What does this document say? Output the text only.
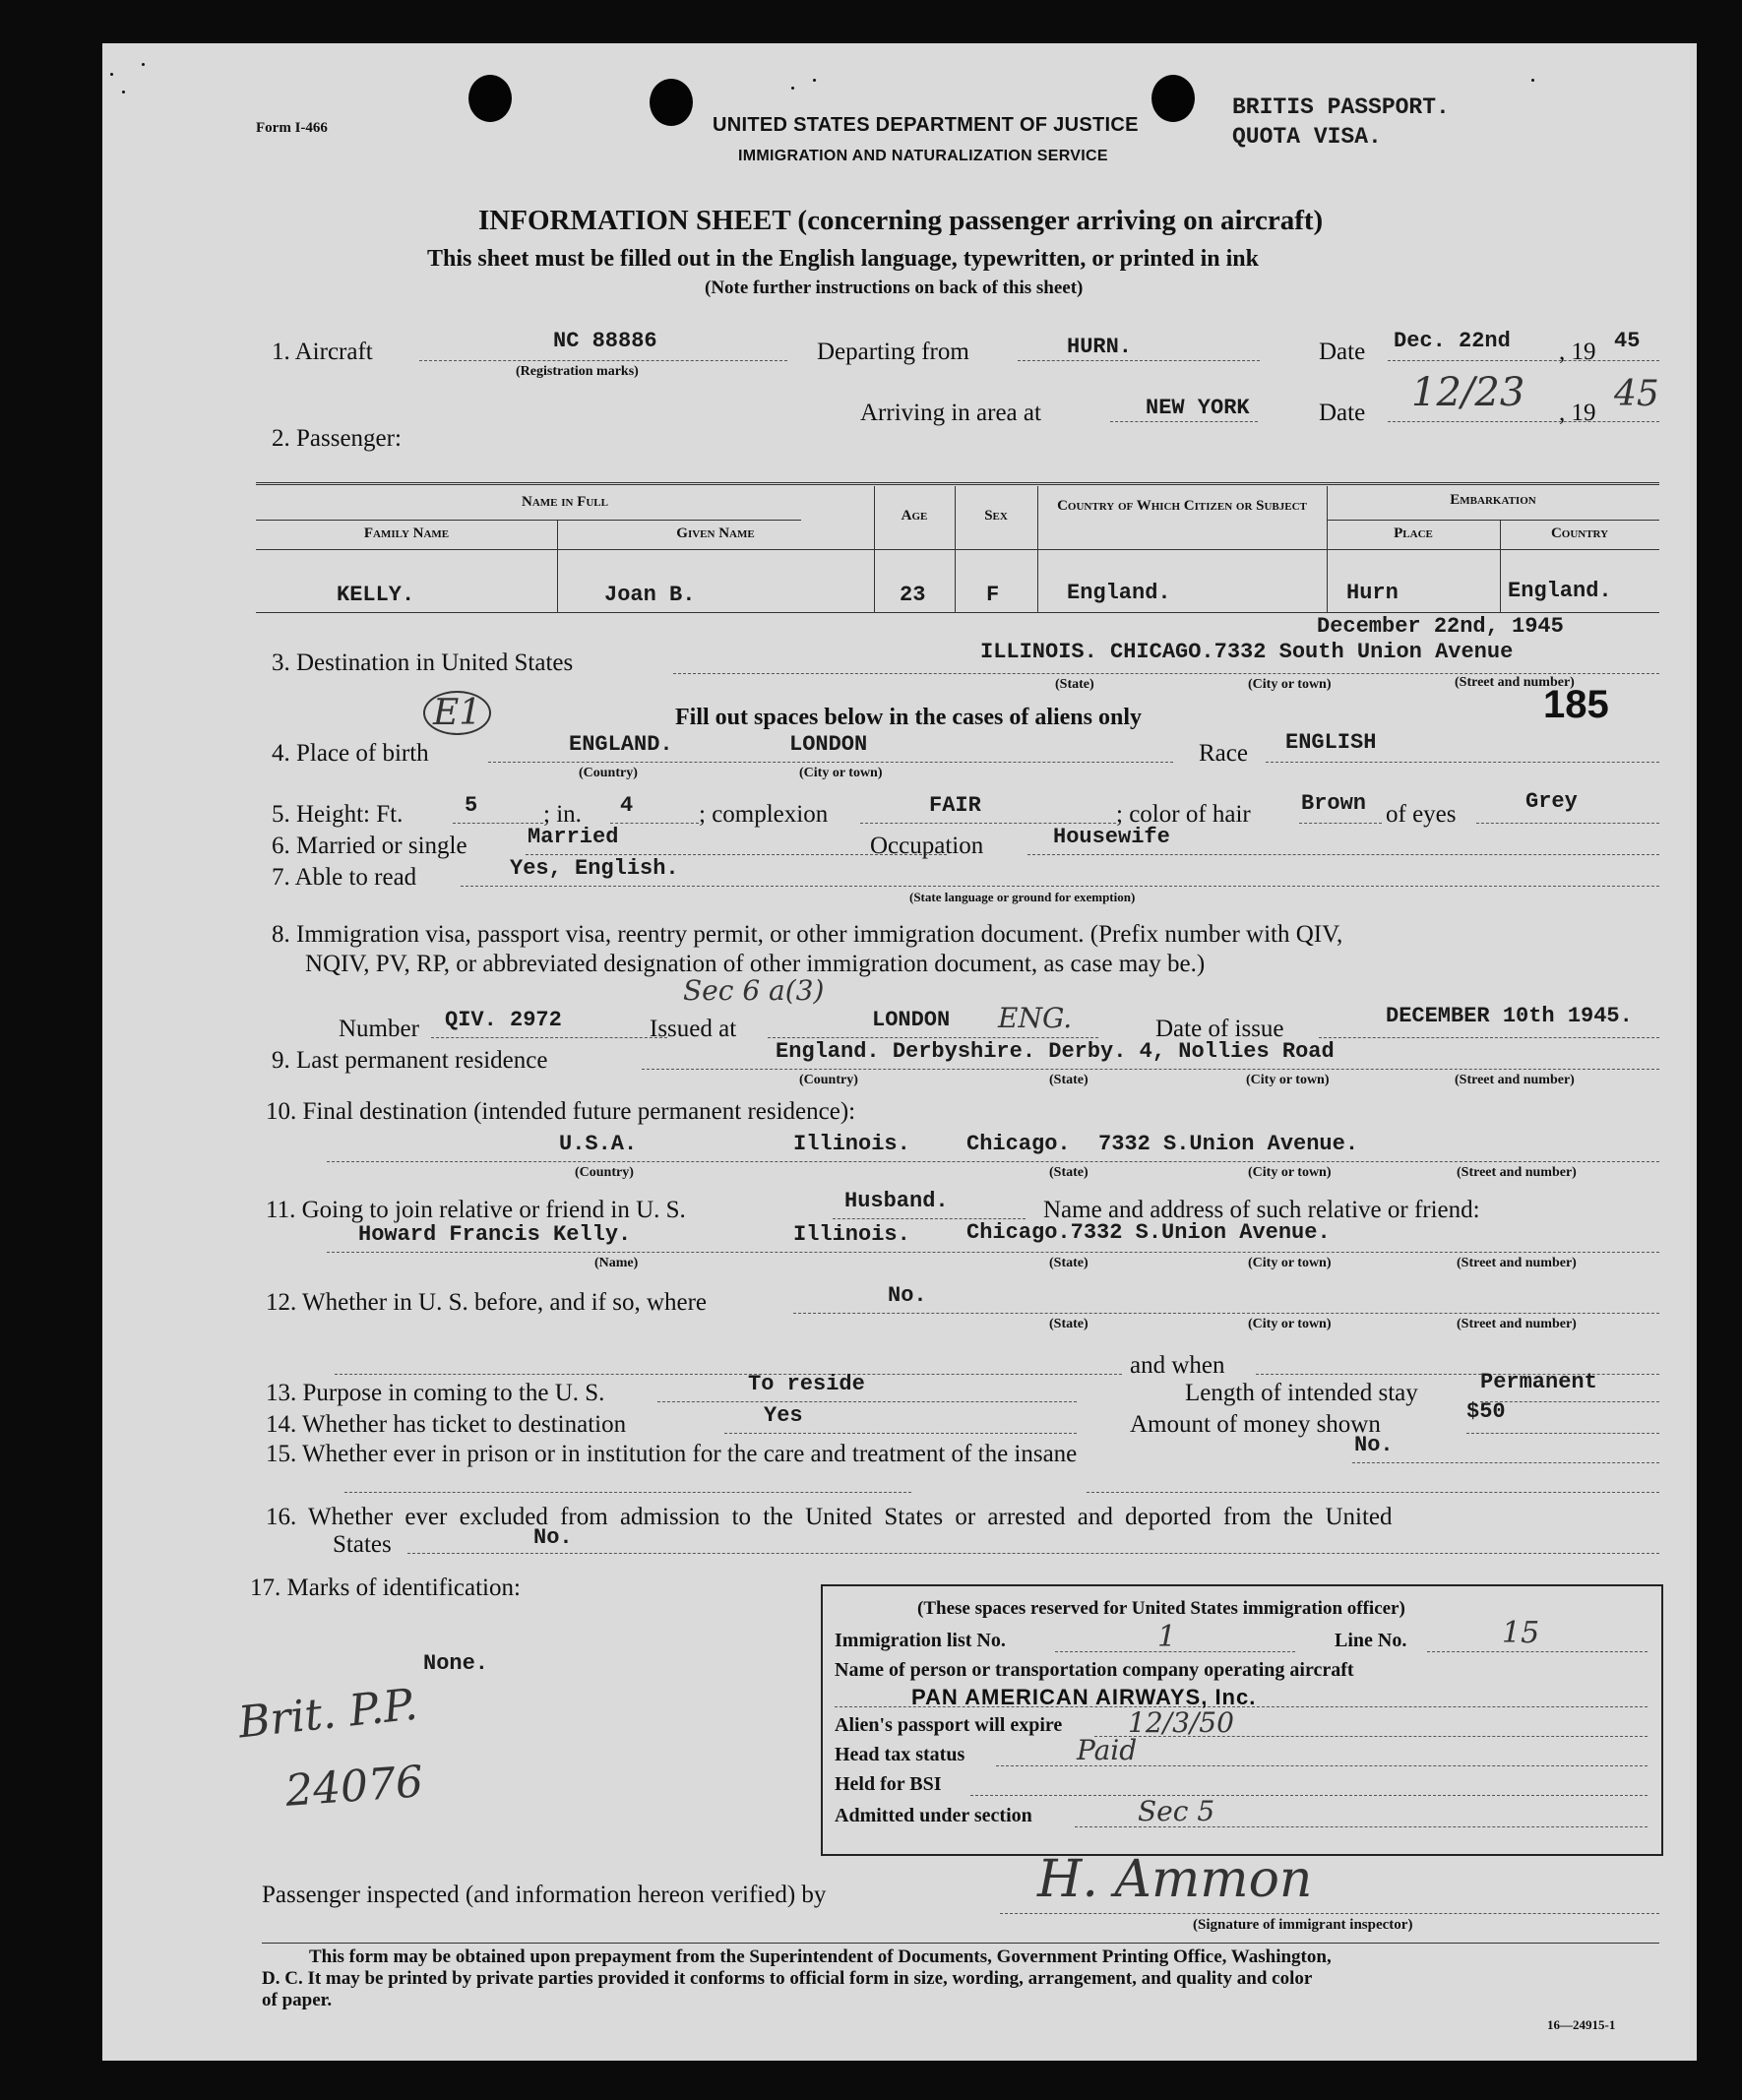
Form I-466	UNITED STATES DEPARTMENT OF JUSTICE
IMMIGRATION AND NATURALIZATION SERVICE
BRITIS PASSPORT.
QUOTA VISA.
INFORMATION SHEET (concerning passenger arriving on aircraft)
This sheet must be filled out in the English language, typewritten, or printed in ink
(Note further instructions on back of this sheet)
1. Aircraft	NC 88886
(Registration marks)
Departing from	HURN.	Date Dec. 22nd , 19 45
Arriving in area at	NEW YORK	Date 12/23 , 19 45
2. Passenger:
Name in Full
Family Name	Given Name
Age	Sex
Country of Which Citizen or Subject	Embarkation
Place	Country
KELLY.	Joan B.	23	F	England.	Hurn	England.
December 22nd, 1945
3. Destination in United States	ILLINOIS. CHICAGO.7332 South Union Avenue
(State)	(City or town)	(Street and number)
185
Fill out spaces below in the cases of aliens only
E1
4. Place of birth	ENGLAND.	LONDON
(Country)	(City or town)
Race ENGLISH
5. Height: Ft.	5	; in. 4	; complexion	FAIR	; color of hair Brown of eyes	Grey
6. Married or single	Married	Occupation	Housewife
7. Able to read	Yes, English.
(State language or ground for exemption)
8. Immigration visa, passport visa, reentry permit, or other immigration document. (Prefix number with QIV,
NQIV, PV, RP, or abbreviated designation of other immigration document, as case may be.)
Sec 6 a(3)
Number QIV. 2972	Issued at	LONDON ENG.	Date of issue	DECEMBER 10th 1945.
9. Last permanent residence	England. Derbyshire. Derby. 4, Nollies Road
(Country)	(State)	(City or town)	(Street and number)
10. Final destination (intended future permanent residence):
U.S.A.	Illinois.	Chicago. 7332 S.Union Avenue.
(Country)	(State)	(City or town)	(Street and number)
11. Going to join relative or friend in U. S.	Husband.	Name and address of such relative or friend:
Howard Francis Kelly.	Illinois.	Chicago.7332 S.Union Avenue.
(Name)	(State)	(City or town)	(Street and number)
12. Whether in U. S. before, and if so, where	No.
(State)	(City or town)	(Street and number)
and when
13. Purpose in coming to the U. S.	To reside	Length of intended stay	Permanent
14. Whether has ticket to destination	Yes	Amount of money shown	$50
15. Whether ever in prison or in institution for the care and treatment of the insane	No.
16. Whether ever excluded from admission to the United States or arrested and deported from the United
States	No.
17. Marks of identification:
None.
Brit. P.P.
24076
(These spaces reserved for United States immigration officer)
Immigration list No.	1	Line No.	15
Name of person or transportation company operating aircraft
PAN AMERICAN AIRWAYS, Inc.
Alien's passport will expire 12/3/50
Head tax status	Paid
Held for BSI
Admitted under section	Sec 5
Passenger inspected (and information hereon verified) by	H. Ammon
(Signature of immigrant inspector)
This form may be obtained upon prepayment from the Superintendent of Documents, Government Printing Office, Washington,
D. C. It may be printed by private parties provided it conforms to official form in size, wording, arrangement, and quality and color
of paper.
16—24915-1
